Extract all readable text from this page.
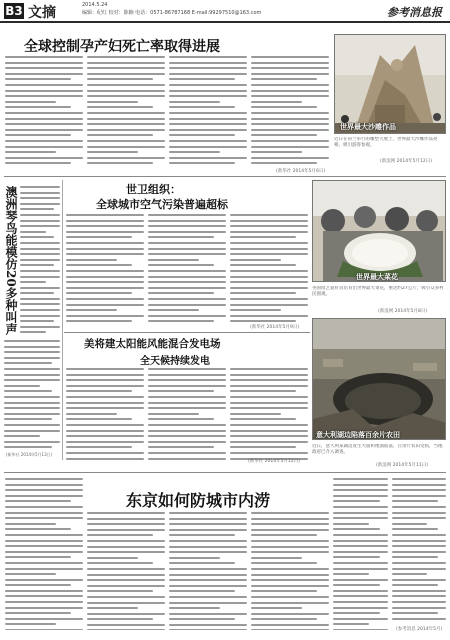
B3 文摘	2014.5.24
编辑：纪红 校对：陈楠 电话：0571-86787168 E-mail:99297510@163.com	参考消息报
全球控制孕产妇死亡率取得进展
(新华社 2014年5月6日)
世界最大沙雕作品
近日在荷兰举行的雕塑大展上，世界最大沙雕作品亮相，吸引游客参观。
(新浪网 2014年5月12日)
澳洲琴鸟能模仿20多种叫声
(新华社 2014年5月13日)
世卫组织：
全球城市空气污染普遍超标
(新华社 2014年5月9日)
世界最大菜花
英国园艺爱好者培育出世界最大菜花，重达约27公斤，吸引众多村民围观。
(新浪网 2014年5月8日)
美将建太阳能风能混合发电场
全天候持续发电
(新华社 2014年5月12日)
意大利湖边陷落百余片农田
近日，意大利某湖边发生大面积地面陷落，百余片农田受损，当地政府已介入调查。
(新浪网 2014年5月11日)
东京如何防城市内涝
(参考消息 2014年5月)
